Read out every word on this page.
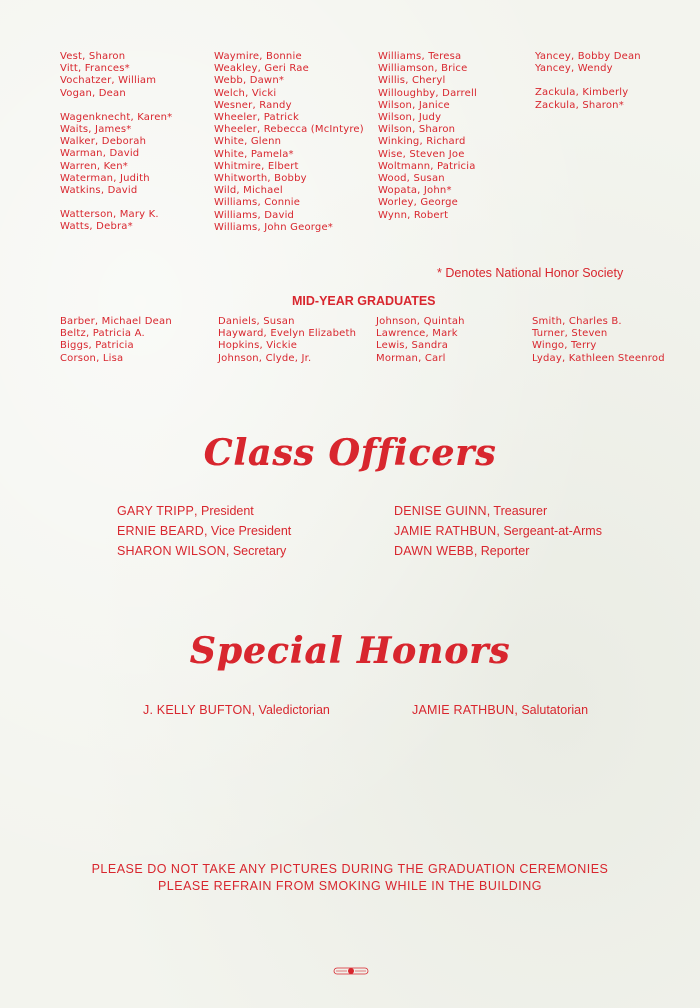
Vest, Sharon
Vitt, Frances*
Vochatzer, William
Vogan, Dean
Wagenknecht, Karen*
Waits, James*
Walker, Deborah
Warman, David
Warren, Ken*
Waterman, Judith
Watkins, David
Watterson, Mary K.
Watts, Debra*
Waymire, Bonnie
Weakley, Geri Rae
Webb, Dawn*
Welch, Vicki
Wesner, Randy
Wheeler, Patrick
Wheeler, Rebecca (McIntyre)
White, Glenn
White, Pamela*
Whitmire, Elbert
Whitworth, Bobby
Wild, Michael
Williams, Connie
Williams, David
Williams, John George*
Williams, Teresa
Williamson, Brice
Willis, Cheryl
Willoughby, Darrell
Wilson, Janice
Wilson, Judy
Wilson, Sharon
Winking, Richard
Wise, Steven Joe
Woltmann, Patricia
Wood, Susan
Wopata, John*
Worley, George
Wynn, Robert
Yancey, Bobby Dean
Yancey, Wendy
Zackula, Kimberly
Zackula, Sharon*
* Denotes National Honor Society
MID-YEAR GRADUATES
Barber, Michael Dean
Beltz, Patricia A.
Biggs, Patricia
Corson, Lisa
Daniels, Susan
Hayward, Evelyn Elizabeth
Hopkins, Vickie
Johnson, Clyde, Jr.
Johnson, Quintah
Lawrence, Mark
Lewis, Sandra
Morman, Carl
Smith, Charles B.
Turner, Steven
Wingo, Terry
Lyday, Kathleen Steenrod
Class Officers
GARY TRIPP, President
ERNIE BEARD, Vice President
SHARON WILSON, Secretary
DENISE GUINN, Treasurer
JAMIE RATHBUN, Sergeant-at-Arms
DAWN WEBB, Reporter
Special Honors
J. KELLY BUFTON, Valedictorian	JAMIE RATHBUN, Salutatorian
PLEASE DO NOT TAKE ANY PICTURES DURING THE GRADUATION CEREMONIES
PLEASE REFRAIN FROM SMOKING WHILE IN THE BUILDING
